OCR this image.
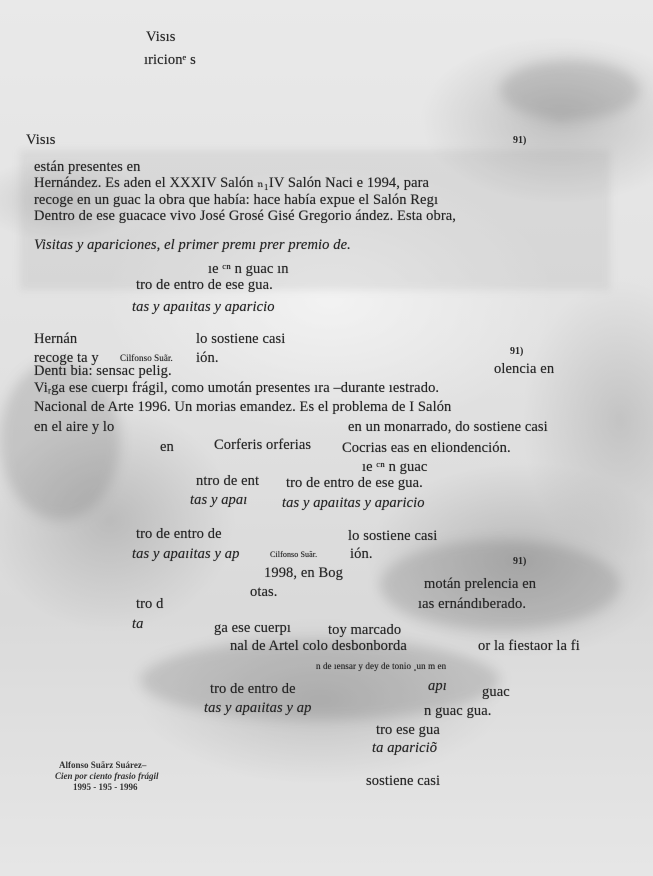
Visıs
ıricionᵉ s
91)
91)
91)
Visıs
están presentes en
Hernández. Es aden el XXXIV Salón ₙ₁IV Salón Naci e 1994, para
recoge en un guac la obra que había: hace había expue el Salón Regı
Dentro de ese guacace vivo José Grosé Gisé Gregorio ández. Esta obra,
Visitas y apariciones, el primer premı prer premio de.
ıe ᶜⁿ n guac ın
tro de entro de ese gua.
tas y apaıitas y aparicio
Hernán	lo sostiene casi
recoge ta y Cilfonso Suãr. ión.
Dentı bia: sensac pelig.	olencia en
Viᵣga ese cuerpı frágil, como umotán presentes ıra –durante ıestrado.
Nacional de Arte 1996. Un morias emandez. Es el problema de I Salón
en el aire y lo
en	Corferis orferias
en un monarrado, do sostiene casi
Cocrias eas en eliondención.
ıe ᶜⁿ n guac
ntro de ent tro de entro de ese gua.
tas y apaı tas y apaıitas y aparicio
tro de entro de	lo sostiene casi
tas y apaıitas y ap	Cilfonso Suãr. ión.
1998, en Bog
tro d
otas.	motán prelencia en
ıas ernándıberado.
ta	ga ese cuerpı	toy marcado
nal de Artel colo desbonborda	or la fiestaor la fi
n de ıensar y dey de tonio ¸un m en
tro de entro de	apı guac
tas y apaıitas y ap	n guac gua.
tro ese gua
ta apariciõ
sostiene casi
Alfonso Suãrz Suárez–
Cien por ciento frasio frágil
1995 - 195 - 1996
